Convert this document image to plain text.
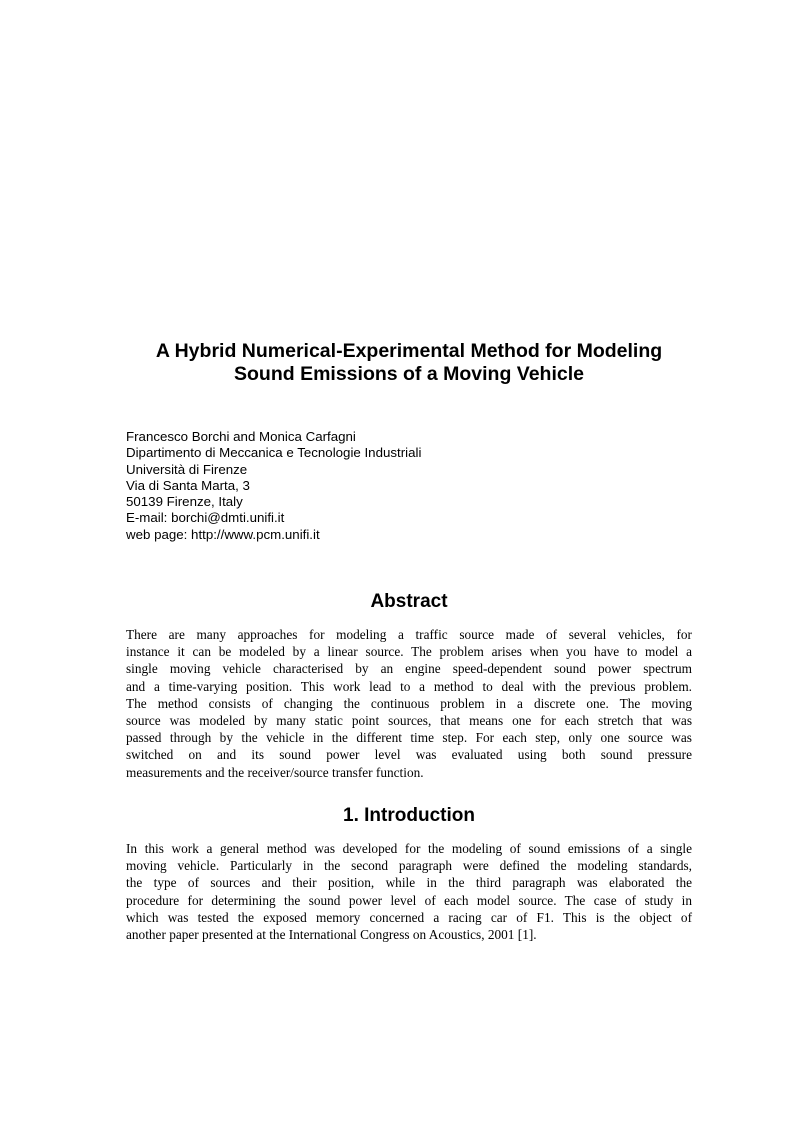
A Hybrid Numerical-Experimental Method for Modeling
Sound Emissions of a Moving Vehicle
Francesco Borchi and Monica Carfagni
Dipartimento di Meccanica e Tecnologie Industriali
Università di Firenze
Via di Santa Marta, 3
50139 Firenze, Italy
E-mail: borchi@dmti.unifi.it
web page: http://www.pcm.unifi.it
Abstract
There are many approaches for modeling a traffic source made of several vehicles, for
instance it can be modeled by a linear source. The problem arises when you have to model a
single moving vehicle characterised by an engine speed-dependent sound power spectrum
and a time-varying position. This work lead to a method to deal with the previous problem.
The method consists of changing the continuous problem in a discrete one. The moving
source was modeled by many static point sources, that means one for each stretch that was
passed through by the vehicle in the different time step. For each step, only one source was
switched on and its sound power level was evaluated using both sound pressure
measurements and the receiver/source transfer function.
1. Introduction
In this work a general method was developed for the modeling of sound emissions of a single
moving vehicle. Particularly in the second paragraph were defined the modeling standards,
the type of sources and their position, while in the third paragraph was elaborated the
procedure for determining the sound power level of each model source. The case of study in
which was tested the exposed memory concerned a racing car of F1. This is the object of
another paper presented at the International Congress on Acoustics, 2001 [1].
